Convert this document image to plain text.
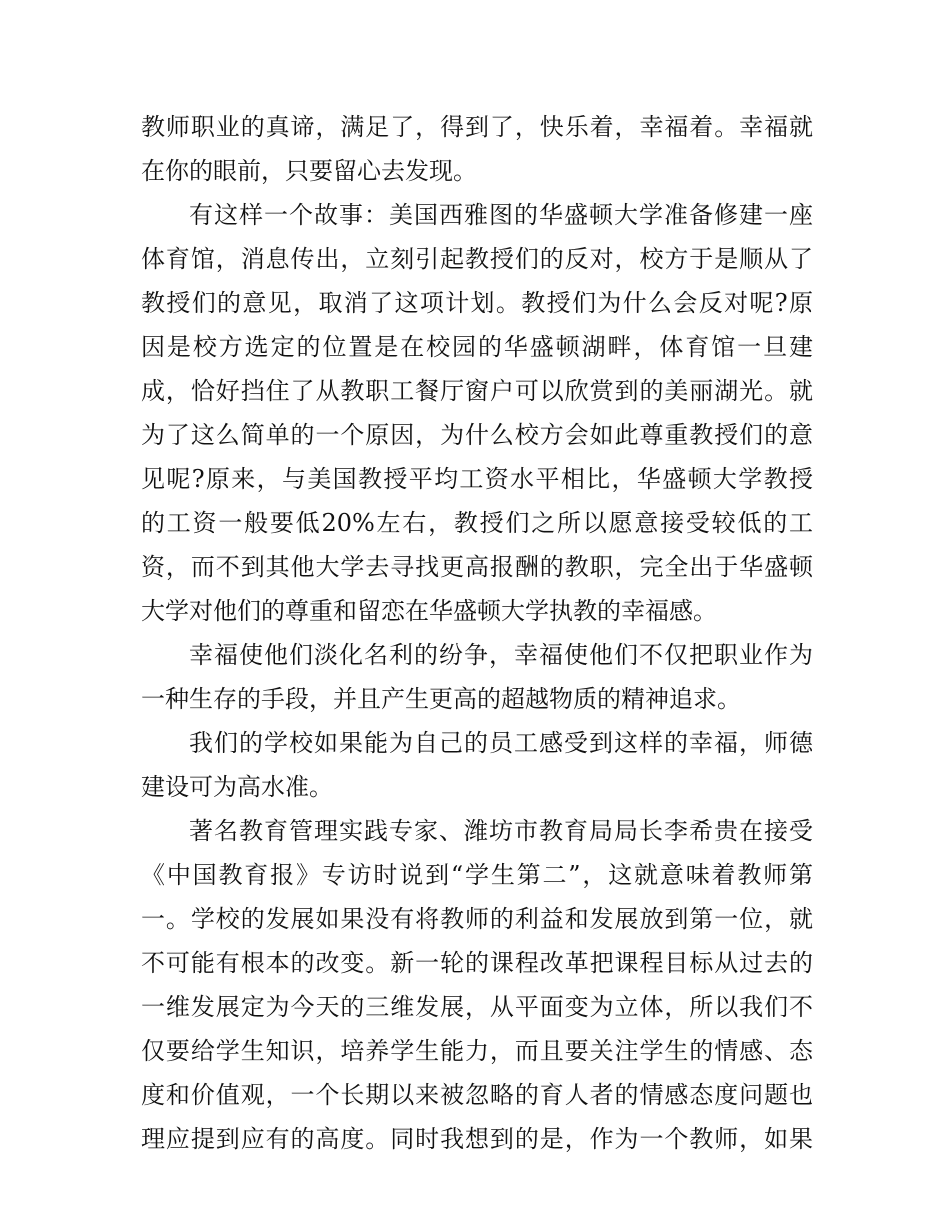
教师职业的真谛，满足了，得到了，快乐着，幸福着。幸福就
在你的眼前，只要留心去发现。
有这样一个故事：美国西雅图的华盛顿大学准备修建一座
体育馆，消息传出，立刻引起教授们的反对，校方于是顺从了
教授们的意见，取消了这项计划。教授们为什么会反对呢?原
因是校方选定的位置是在校园的华盛顿湖畔，体育馆一旦建
成，恰好挡住了从教职工餐厅窗户可以欣赏到的美丽湖光。就
为了这么简单的一个原因，为什么校方会如此尊重教授们的意
见呢?原来，与美国教授平均工资水平相比，华盛顿大学教授
的工资一般要低20%左右，教授们之所以愿意接受较低的工
资，而不到其他大学去寻找更高报酬的教职，完全出于华盛顿
大学对他们的尊重和留恋在华盛顿大学执教的幸福感。
幸福使他们淡化名利的纷争，幸福使他们不仅把职业作为
一种生存的手段，并且产生更高的超越物质的精神追求。
我们的学校如果能为自己的员工感受到这样的幸福，师德
建设可为高水准。
著名教育管理实践专家、潍坊市教育局局长李希贵在接受
《中国教育报》专访时说到“学生第二”，这就意味着教师第
一。学校的发展如果没有将教师的利益和发展放到第一位，就
不可能有根本的改变。新一轮的课程改革把课程目标从过去的
一维发展定为今天的三维发展，从平面变为立体，所以我们不
仅要给学生知识，培养学生能力，而且要关注学生的情感、态
度和价值观，一个长期以来被忽略的育人者的情感态度问题也
理应提到应有的高度。同时我想到的是，作为一个教师，如果
